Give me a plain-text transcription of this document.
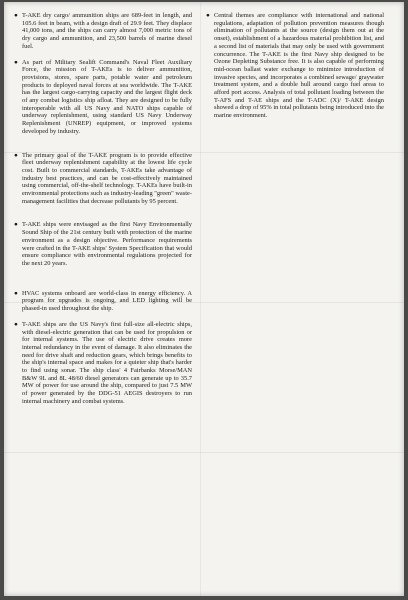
● T-AKE dry cargo/ ammunition ships are 689-feet in length, and 105.6 feet in beam, with a design draft of 29.9 feet. They displace 41,000 tons, and the ships can carry almost 7,000 metric tons of dry cargo and ammunition, and 23,500 barrels of marine diesel fuel.

● As part of Military Sealift Command's Naval Fleet Auxiliary Force, the mission of T-AKEs is to deliver ammunition, provisions, stores, spare parts, potable water and petroleum products to deployed naval forces at sea worldwide. The T-AKE has the largest cargo-carrying capacity and the largest flight deck of any combat logistics ship afloat. They are designed to be fully interoperable with all US Navy and NATO ships capable of underway replenishment, using standard US Navy Underway Replenishment (UNREP) equipment, or improved systems developed by industry.

● The primary goal of the T-AKE program is to provide effective fleet underway replenishment capability at the lowest life cycle cost. Built to commercial standards, T-AKEs take advantage of industry best practices, and can be cost-effectively maintained using commercial, off-the-shelf technology. T-AKEs have built-in environmental protections such as industry-leading "green" waste-management facilities that decrease pollutants by 95 percent.

● T-AKE ships were envisaged as the first Navy Environmentally Sound Ship of the 21st century built with protection of the marine environment as a design objective. Performance requirements were crafted in the T-AKE ships' System Specification that would ensure compliance with environmental regulations projected for the next 20 years.

● HVAC systems onboard are world-class in energy efficiency. A program for upgrades is ongoing, and LED lighting will be phased-in used throughout the ship.

● T-AKE ships are the US Navy's first full-size all-electric ships, with diesel-electric generation that can be used for propulsion or for internal systems. The use of electric drive creates more internal redundancy in the event of damage. It also eliminates the need for drive shaft and reduction gears, which brings benefits to the ship's internal space and makes for a quieter ship that's harder to find using sonar. The ship class' 4 Fairbanks Morse/MAN B&W 9L and 8L 48/60 diesel generators can generate up to 35.7 MW of power for use around the ship, compared to just 7.5 MW of power generated by the DDG-51 AEGIS destroyers to run internal machinery and combat systems.

● Central themes are compliance with international and national regulations, adaptation of pollution prevention measures though elimination of pollutants at the source (design them out at the onset), establishment of a hazardous material prohibition list, and a second list of materials that may only be used with government concurrence. The T-AKE is the first Navy ship designed to be Ozone Depleting Substance free. It is also capable of performing mid-ocean ballast water exchange to minimize introduction of invasive species, and incorporates a combined sewage/ graywater treatment system, and a double hull around cargo fuel areas to afford port access. Analysis of total pollutant loading between the T-AFS and T-AE ships and the T-ADC (X)/ T-AKE design showed a drop of 95% in total pollutants being introduced into the marine environment.
